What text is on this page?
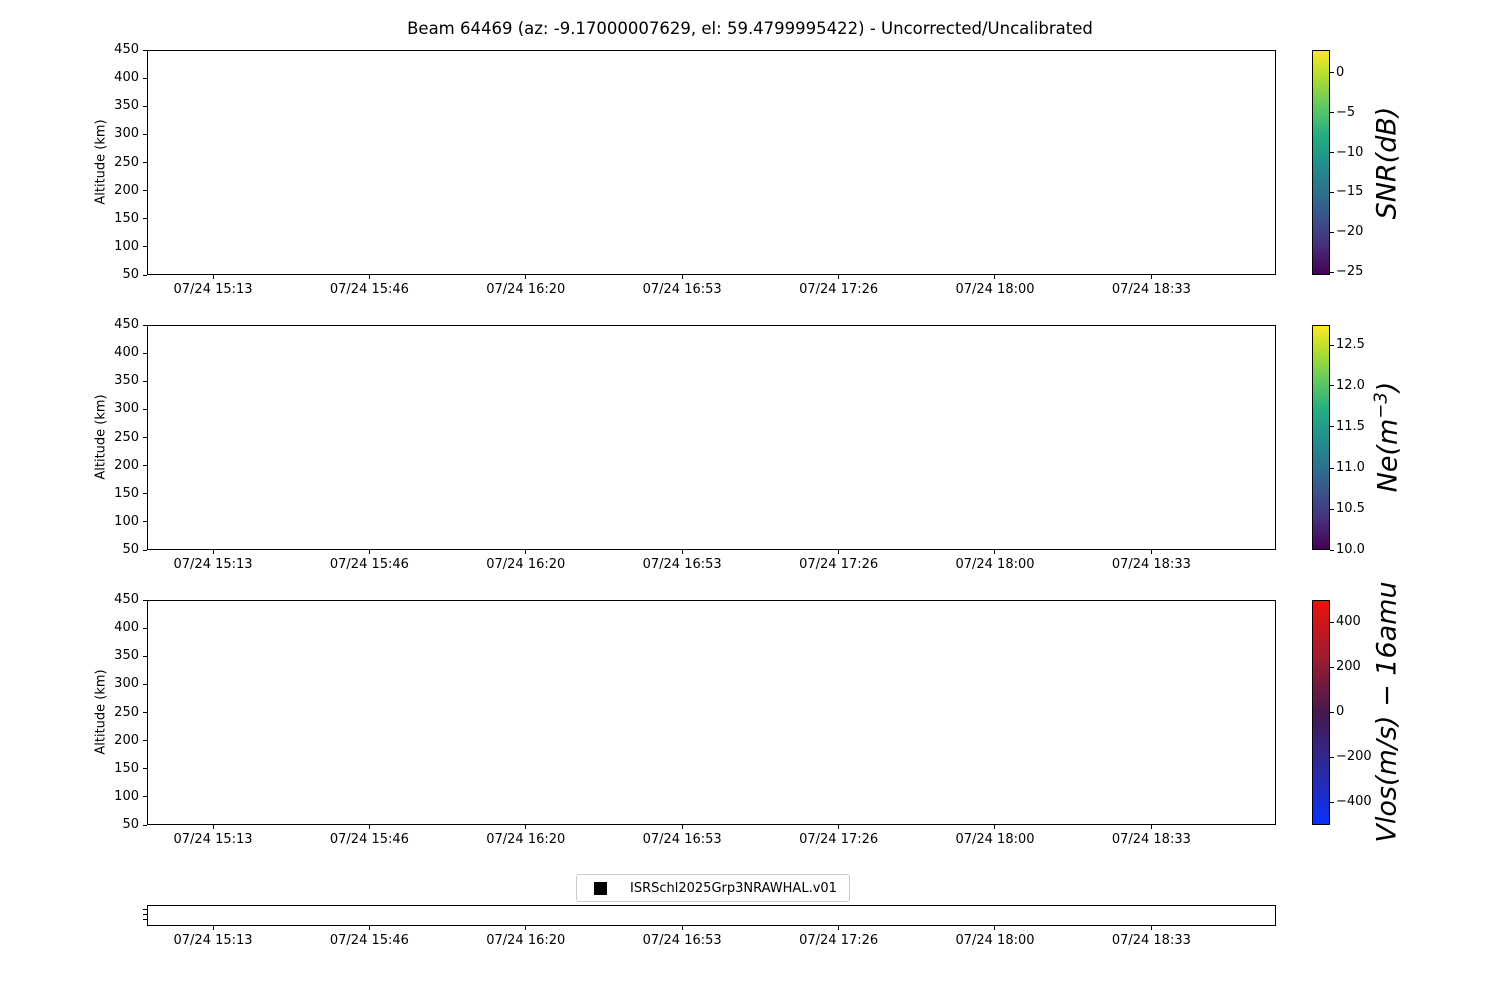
Beam 64469 (az: -9.17000007629, el: 59.4799995422) - Uncorrected/Uncalibrated
Altitude (km)	SNR(dB)
Altitude (km)	$Ne(m^{-3})$
Altitude (km)	Vlos(m/s) − 16amu
ISRSchl2025Grp3NRAWHAL.v01
450
400
350
300
250
200
150
100
50
07/24 15:13	07/24 15:46	07/24 16:20	07/24 16:53	07/24 17:26	07/24 18:00	07/24 18:33
0
−5
−10
−15
−20
−25
450
400
350
300
250
200
150
100
50
07/24 15:13	07/24 15:46	07/24 16:20	07/24 16:53	07/24 17:26	07/24 18:00	07/24 18:33
12.5
12.0
11.5
11.0
10.5
10.0
450
400
350
300
250
200
150
100
50
07/24 15:13	07/24 15:46	07/24 16:20	07/24 16:53	07/24 17:26	07/24 18:00	07/24 18:33
400
200
0
−200
−400
07/24 15:13	07/24 15:46	07/24 16:20	07/24 16:53	07/24 17:26	07/24 18:00	07/24 18:33
